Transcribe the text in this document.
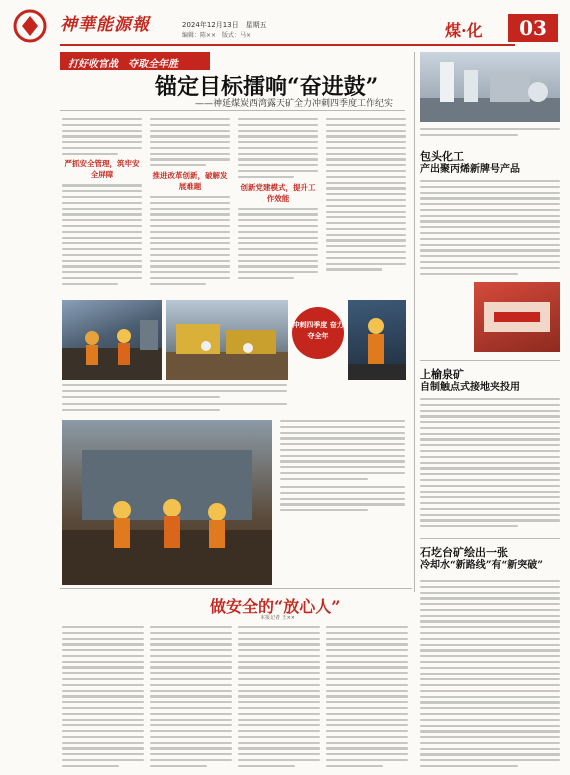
神華能源報	2024年12月13日　星期五
编辑：陈××　版式：马×	煤·化	03
打好收官战　夺取全年胜
锚定目标擂响“奋进鼓”
——神延煤炭西湾露天矿全力冲刺四季度工作纪实
严抓安全管理，筑牢安全屏障	推进改革创新，破解发展难题	创新党建模式，提升工作效能
冲刺四季度 奋力夺全年
包头化工
产出聚丙烯新牌号产品
上榆泉矿
自制触点式接地夹投用
石圪台矿绘出一张
冷却水“新路线”有“新突破”
做安全的“放心人”
本报记者 王××
